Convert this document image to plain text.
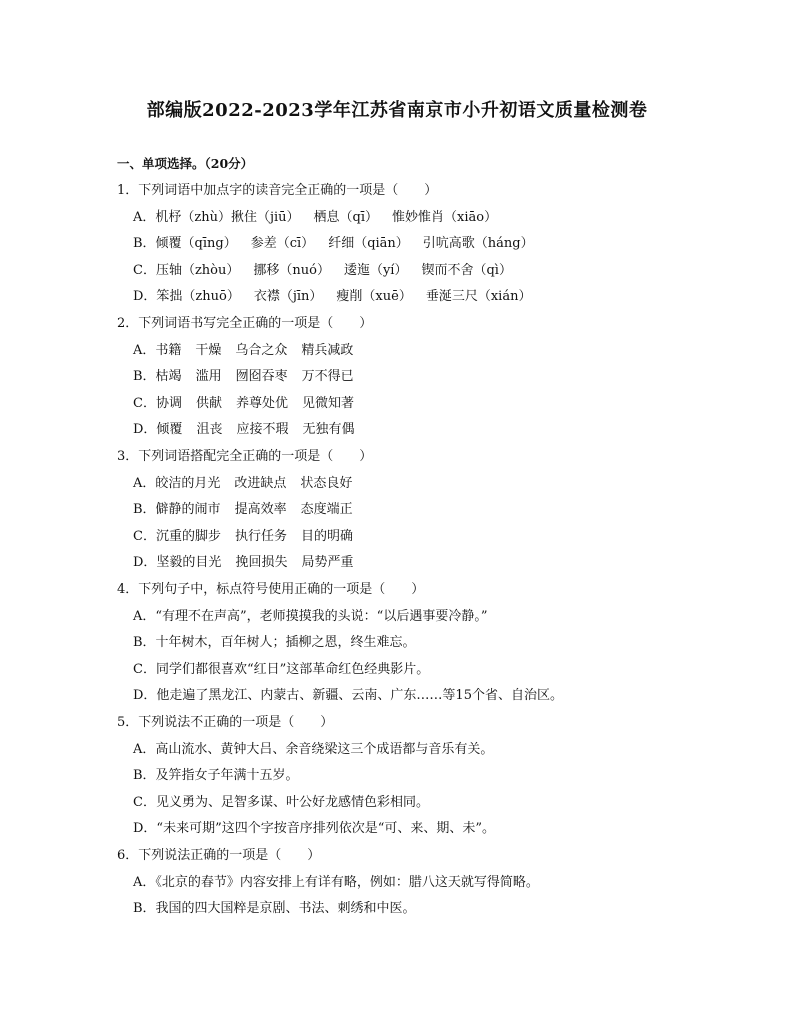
部编版2022-2023学年江苏省南京市小升初语文质量检测卷
一、单项选择。（20分）
1．下列词语中加点字的读音完全正确的一项是（　　）
A．机杼（zhù）揪住（jiū） 栖息（qī） 惟妙惟肖（xiāo）
B．倾覆（qīng） 参差（cī） 纤细（qiān） 引吭高歌（háng）
C．压轴（zhòu） 挪移（nuó） 逶迤（yí） 锲而不舍（qì）
D．笨拙（zhuō） 衣襟（jīn） 瘦削（xuē） 垂涎三尺（xián）
2．下列词语书写完全正确的一项是（　　）
A．书籍 干燥 乌合之众 精兵减政
B．枯竭 滥用 囫囵吞枣 万不得已
C．协调 供献 养尊处优 见微知著
D．倾覆 沮丧 应接不瑕 无独有偶
3．下列词语搭配完全正确的一项是（　　）
A．皎洁的月光 改进缺点 状态良好
B．僻静的闹市 提高效率 态度端正
C．沉重的脚步 执行任务 目的明确
D．坚毅的目光 挽回损失 局势严重
4．下列句子中，标点符号使用正确的一项是（　　）
A．“有理不在声高”，老师摸摸我的头说：“以后遇事要冷静。”
B．十年树木，百年树人；插柳之恩，终生难忘。
C．同学们都很喜欢“红日”这部革命红色经典影片。
D．他走遍了黑龙江、内蒙古、新疆、云南、广东……等15个省、自治区。
5．下列说法不正确的一项是（　　）
A．高山流水、黄钟大吕、余音绕梁这三个成语都与音乐有关。
B．及笄指女子年满十五岁。
C．见义勇为、足智多谋、叶公好龙感情色彩相同。
D．“未来可期”这四个字按音序排列依次是“可、来、期、未”。
6．下列说法正确的一项是（　　）
A．《北京的春节》内容安排上有详有略，例如：腊八这天就写得简略。
B．我国的四大国粹是京剧、书法、刺绣和中医。
